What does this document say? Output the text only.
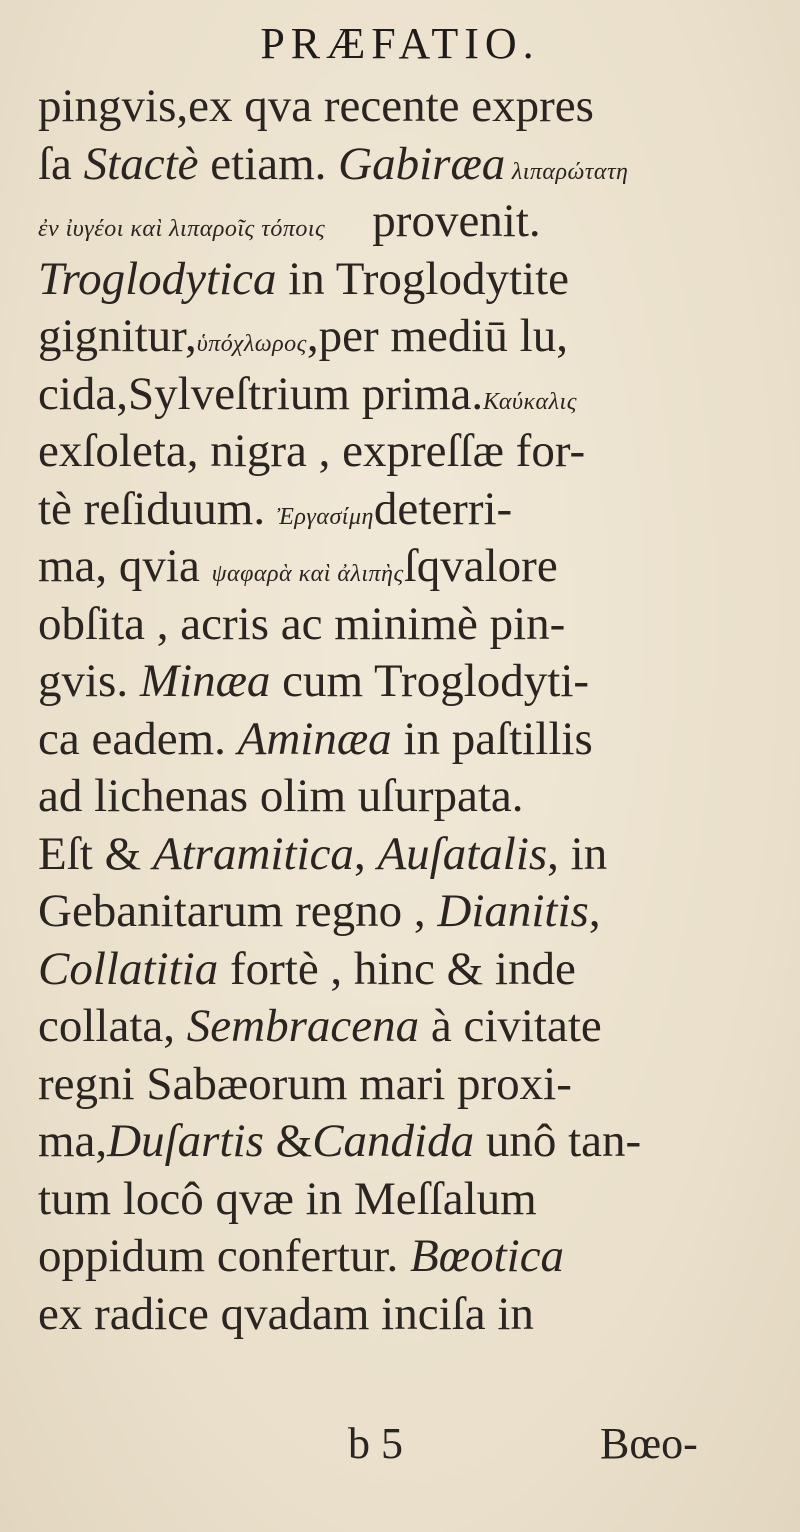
PRÆFATIO.
pingvis,ex qva recente expres
ſa Stactè etiam. Gabiræa λιπαρώτατη
ἐν ἰυγέοι καὶ λιπαροῖς τόποις    provenit.
Troglodytica in Troglodytite
gignitur,ὑπόχλωρος,per mediū lu,
cida,Sylveſtrium prima.Καύκαλις
exſoleta, nigra , expreſſæ for-
tè reſiduum. Ἐργασίμηdeterri-
ma, qvia ψαφαρὰ καὶ ἀλιπὴςſqvalore
obſita , acris ac minimè pin-
gvis. Minæa cum Troglodyti-
ca eadem. Aminæa in paſtillis
ad lichenas olim uſurpata.
Eſt & Atramitica, Auſatalis, in
Gebanitarum regno , Dianitis,
Collatitia fortè , hinc & inde
collata, Sembracena à civitate
regni Sabæorum mari proxi-
ma,Duſartis &Candida unô tan-
tum locô qvæ in Meſſalum
oppidum confertur. Bœotica
ex radice qvadam inciſa in
b 5	Bœo-
